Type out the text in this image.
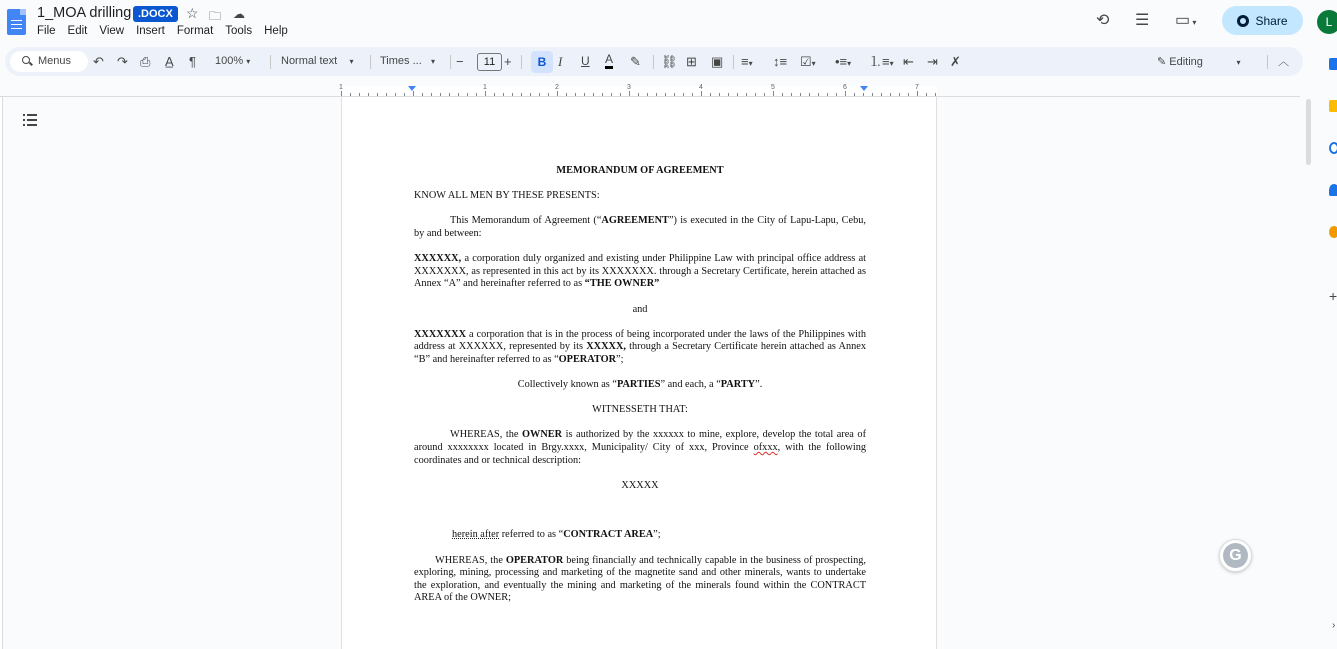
1_MOA drilling .DOCX ☆ 🗀 ☁
File Edit View Insert Format Tools Help
⟲ ☰ ▭ ▾	Share	L
Menus	↶ ↷ ⎙ A̲ ¶ 100% ▾	Normal text ▾ Times ... ▾ −	11 +	B I U A ✎ ⛓ ⊞ ▣ ≡▾ ↕≡ ☑▾ •≡▾ ⒈≡▾ ⇤ ⇥ ✗	✎ Editing	▾	︿
1	1	2	3	4	5	6	7

MEMORANDUM OF AGREEMENT

KNOW ALL MEN BY THESE PRESENTS:

This Memorandum of Agreement (“AGREEMENT”) is executed in the City of Lapu-Lapu, Cebu, by and between:

XXXXXX, a corporation duly organized and existing under Philippine Law with principal office address at XXXXXXX, as represented in this act by its XXXXXXX. through a Secretary Certificate, herein attached as Annex “A” and hereinafter referred to as “THE OWNER”

and

XXXXXXX a corporation that is in the process of being incorporated under the laws of the Philippines with address at XXXXXX, represented by its XXXXX, through a Secretary Certificate herein attached as Annex “B” and hereinafter referred to as “OPERATOR”;

Collectively known as “PARTIES” and each, a “PARTY”.

WITNESSETH THAT:

WHEREAS, the OWNER is authorized by the xxxxxx to mine, explore, develop the total area of around xxxxxxxx located in Brgy.xxxx, Municipality/ City of xxx, Province ofxxx, with the following coordinates and or technical description:

XXXXX

herein after referred to as “CONTRACT AREA”;

WHEREAS, the OPERATOR being financially and technically capable in the business of prospecting, exploring, mining, processing and marketing of the magnetite sand and other minerals, wants to undertake the exploration, and eventually the mining and marketing of the minerals found within the CONTRACT AREA of the OWNER;

+
›
G
